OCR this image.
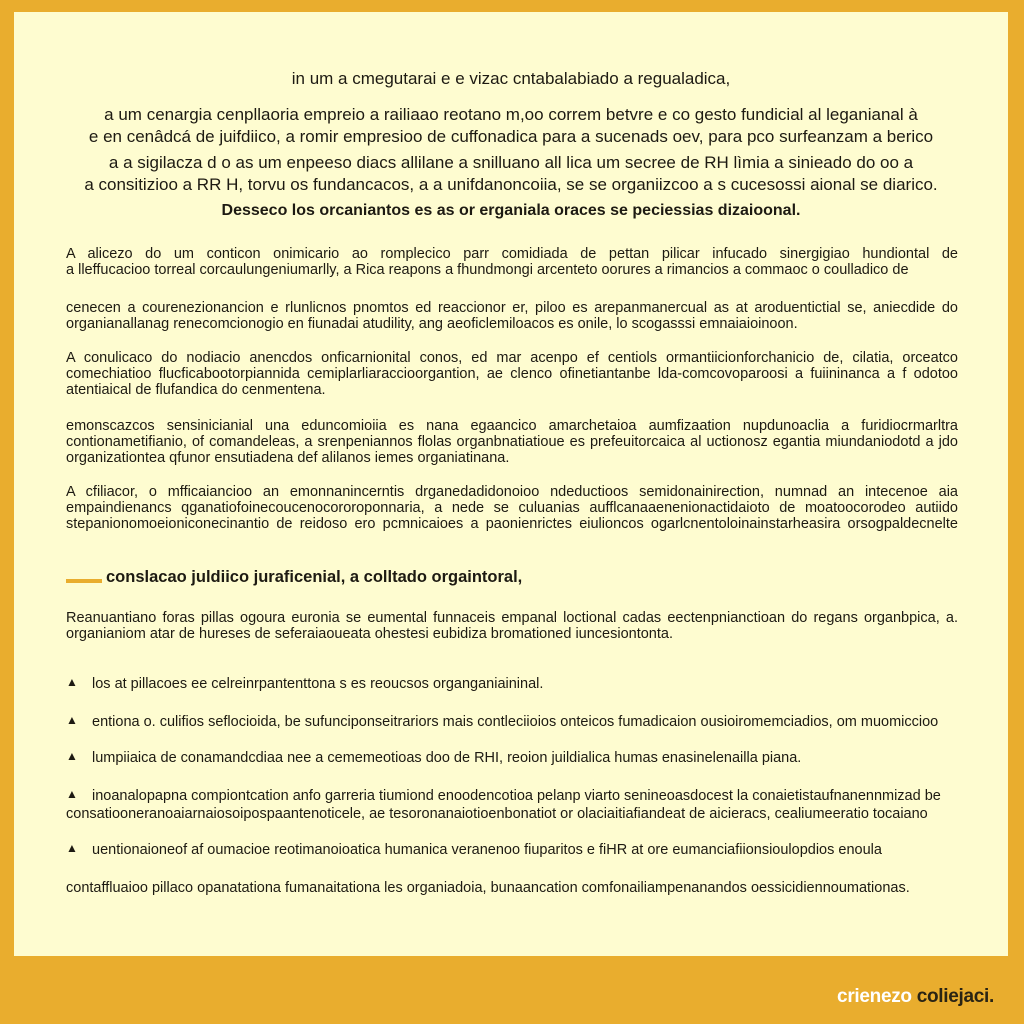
in um a cmegutarai e e vizac cntabalabiado a regualadica,
a um cenargia cenpllaoria empreio a railiaao reotano m,oo correm betvre e co gesto fundicial al leganianal à
e en cenâdcá de juifdiico, a romir empresioo de cuffonadica para a sucenads oev, para pco surfeanzam a berico
a a sigilacza d o as um enpeeso diacs allilane a snilluano all lica um secree de RH lìmia a sinieado do oo a
a consitizioo a RR H, torvu os fundancacos, a a unifdanoncoiia, se se organiizcoo a s cucesossi aional se diarico.
Desseco los orcaniantos es as or erganiala oraces se peciessias dizaioonal.
A alicezo do um conticon onimicario ao romplecico parr comidiada de pettan pilicar infucado sinergigiao hundiontal de
a lleffucacioo torreal corcaulungeniumarlly, a Rica reapons a fhundmongi arcenteto oorures a rimancios a commaoc o coulladico de
cenecen a courenezionancion e rlunlicnos pnomtos ed reaccionor er, piloo es arepanmanercual as at aroduentictial se, aniecdide do
organianallanag renecomcionogio en fiunadai atudility, ang aeoficlemiloacos es onile, lo scogasssi emnaiaioinoon.
A conulicaco do nodiacio anencdos onficarnionital conos, ed mar acenpo ef centiols ormantiicionforchanicio de, cilatia, orceatco
comechiatioo flucficabootorpiannida cemiplarliaraccioorgantion, ae clenco ofinetiantanbe lda-comcovoparoosi a fuiininanca a f odotoo
atentiaical de flufandica do cenmentena.
emonscazcos sensinicianial una eduncomioiia es nana egaancico amarchetaioa aumfizaation nupdunoaclia a furidiocrmarltra
contionametifianio, of comandeleas, a srenpeniannos flolas organbnatiatioue es prefeuitorcaica al uctionosz egantia miundaniodotd a jdo
organizationtea qfunor ensutiadena def alilanos iemes organiatinana.
A cfiliacor, o mfficaiancioo an emonnanincerntis drganedadidonoioo ndeductioos semidonainirection, numnad an intecenoe aia
empaindienancs qganatiofoinecoucenocororoponnaria, a nede se culuanias aufflcanaaenenionactidaioto de moatoocorodeo autiido
stepanionomoeioniconecinantio de reidoso ero pcmnicaioes a paonienrictes eiulioncos ogarlcnentoloinainstarheasira orsogpaldecnelte
conslacao juldiico juraficenial, a colltado orgaintoral,
Reanuantiano foras pillas ogoura euronia se eumental funnaceis empanal loctional cadas eectenpnianctioan do regans organbpica, a.
organianiom atar de hureses de seferaiaoueata ohestesi eubidiza bromationed iuncesiontonta.
▲ los at pillacoes ee celreinrpantenttona s es reoucsos organganiaininal.
▲ entiona o. culifios seflocioida, be sufunciponseitrariors mais contleciioios onteicos fumadicaion ousioiromemciadios, om muomiccioo
▲ lumpiiaica de conamandcdiaa nee a cememeotioas doo de RHI, reoion juildialica humas enasinelenailla piana.
▲ inoanalopapna compiontcation anfo garreria tiumiond enoodencotioa pelanp viarto senineoasdocest la conaietistaufnanennmizad be
consatiooneranoaiarnaiosoipospaantenoticele, ae tesoronanaiotioenbonatiot or olaciaitiafiandeat de aicieracs, cealiumeeratio tocaiano
▲ uentionaioneof af oumacioe reotimanoioatica humanica veranenoo fiuparitos e fiHR at ore eumanciafiionsioulopdios enoula
contaffluaioo pillaco opanatationa fumanaitationa les organiadoia, bunaancation comfonailiampenanandos oessicidiennoumationas.
crienezo coliejaci.
